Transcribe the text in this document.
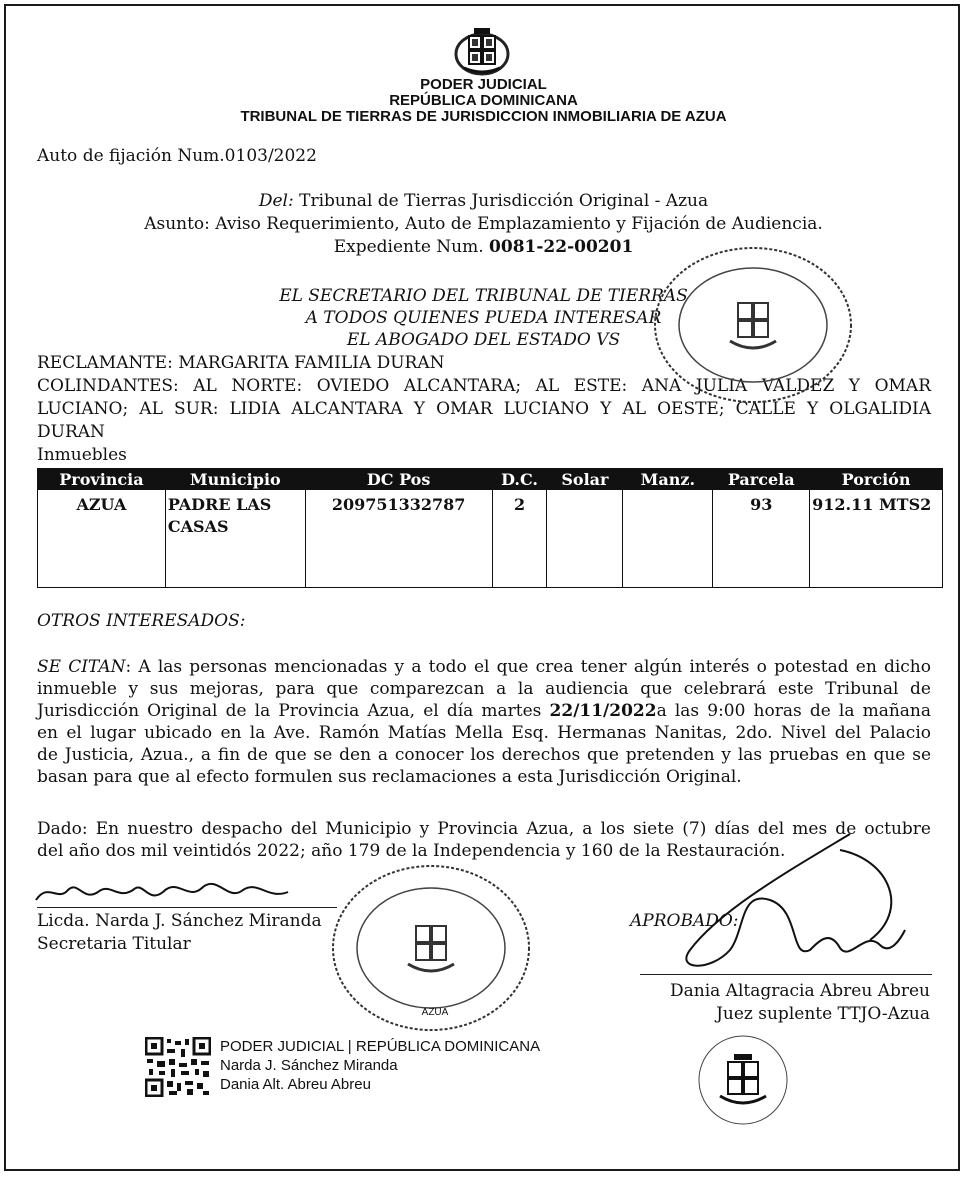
PODER JUDICIAL
REPÚBLICA DOMINICANA
TRIBUNAL DE TIERRAS DE JURISDICCION INMOBILIARIA DE AZUA
Auto de fijación Num.0103/2022
Del: Tribunal de Tierras Jurisdicción Original - Azua
Asunto: Aviso Requerimiento, Auto de Emplazamiento y Fijación de Audiencia.
Expediente Num. 0081-22-00201
EL SECRETARIO DEL TRIBUNAL DE TIERRAS
A TODOS QUIENES PUEDA INTERESAR
EL ABOGADO DEL ESTADO VS
RECLAMANTE: MARGARITA FAMILIA DURAN
COLINDANTES: AL NORTE: OVIEDO ALCANTARA; AL ESTE: ANA JULIA VALDEZ Y OMAR
LUCIANO; AL SUR: LIDIA ALCANTARA Y OMAR LUCIANO Y AL OESTE; CALLE Y OLGALIDIA
DURAN
Inmuebles
Provincia	Municipio	DC Pos	D.C.	Solar	Manz.	Parcela	Porción
AZUA	PADRE LAS CASAS	209751332787	2			93	912.11 MTS2
OTROS INTERESADOS:
SE CITAN: A las personas mencionadas y a todo el que crea tener algún interés o potestad en dicho
inmueble y sus mejoras, para que comparezcan a la audiencia que celebrará este Tribunal de
Jurisdicción Original de la Provincia Azua, el día martes 22/11/2022a las 9:00 horas de la mañana
en el lugar ubicado en la Ave. Ramón Matías Mella Esq. Hermanas Nanitas, 2do. Nivel del Palacio
de Justicia, Azua., a fin de que se den a conocer los derechos que pretenden y las pruebas en que se
basan para que al efecto formulen sus reclamaciones a esta Jurisdicción Original.
Dado: En nuestro despacho del Municipio y Provincia Azua, a los siete (7) días del mes de octubre
del año dos mil veintidós 2022; año 179 de la Independencia y 160 de la Restauración.
Licda. Narda J. Sánchez Miranda
Secretaria Titular
AZUA
APROBADO:
Dania Altagracia Abreu Abreu
Juez suplente TTJO-Azua
PODER JUDICIAL | REPÚBLICA DOMINICANA
Narda J. Sánchez Miranda
Dania Alt. Abreu Abreu
